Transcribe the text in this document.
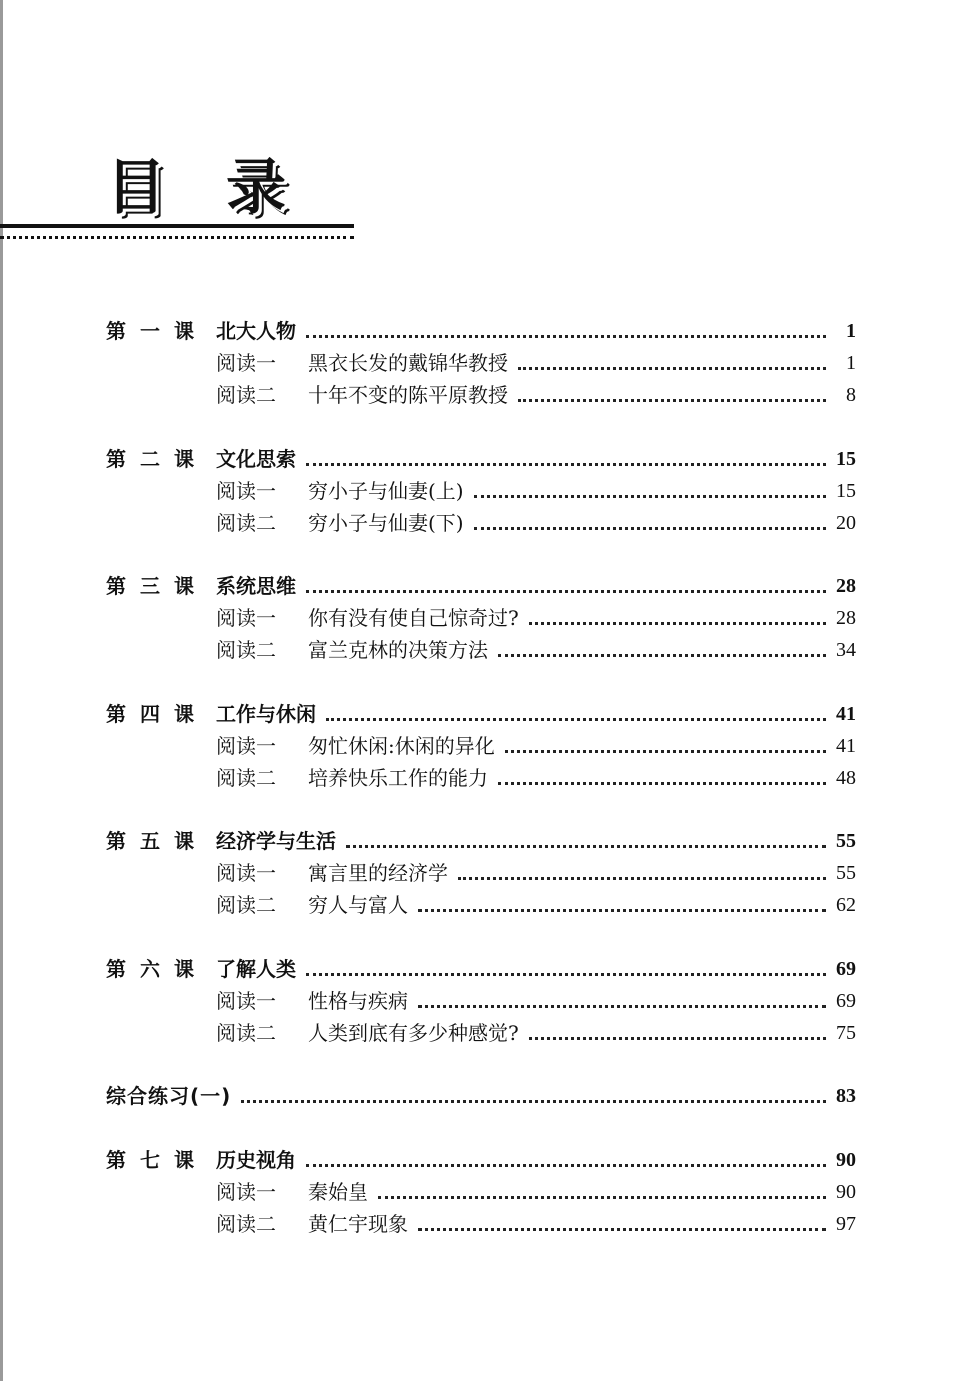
目 录
第一课 北大人物	1
阅读一	黑衣长发的戴锦华教授	1
阅读二	十年不变的陈平原教授	8
第二课 文化思索	15
阅读一	穷小子与仙妻(上)	15
阅读二	穷小子与仙妻(下)	20
第三课 系统思维	28
阅读一	你有没有使自己惊奇过?	28
阅读二	富兰克林的决策方法	34
第四课 工作与休闲	41
阅读一	匆忙休闲:休闲的异化	41
阅读二	培养快乐工作的能力	48
第五课 经济学与生活	55
阅读一	寓言里的经济学	55
阅读二	穷人与富人	62
第六课 了解人类	69
阅读一	性格与疾病	69
阅读二	人类到底有多少种感觉?	75
综合练习(一)	83
第七课 历史视角	90
阅读一	秦始皇	90
阅读二	黄仁宇现象	97
